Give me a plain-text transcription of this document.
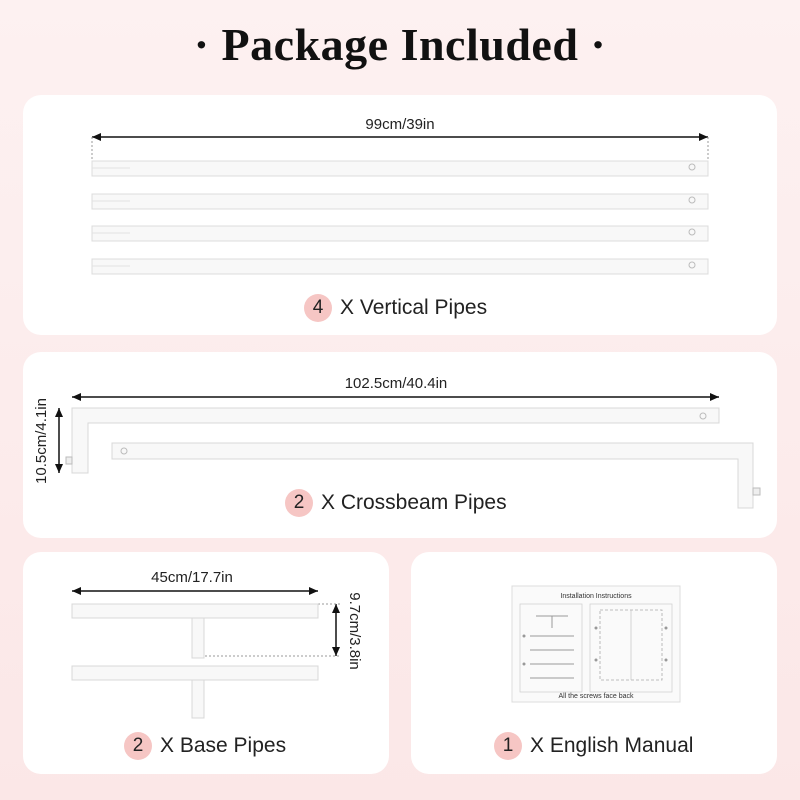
· Package Included ·
99cm/39in
4 X Vertical Pipes
102.5cm/40.4in
10.5cm/4.1in
2 X Crossbeam Pipes
45cm/17.7in
9.7cm/3.8in
2 X Base Pipes
Installation Instructions
All the screws face back
1 X English Manual
